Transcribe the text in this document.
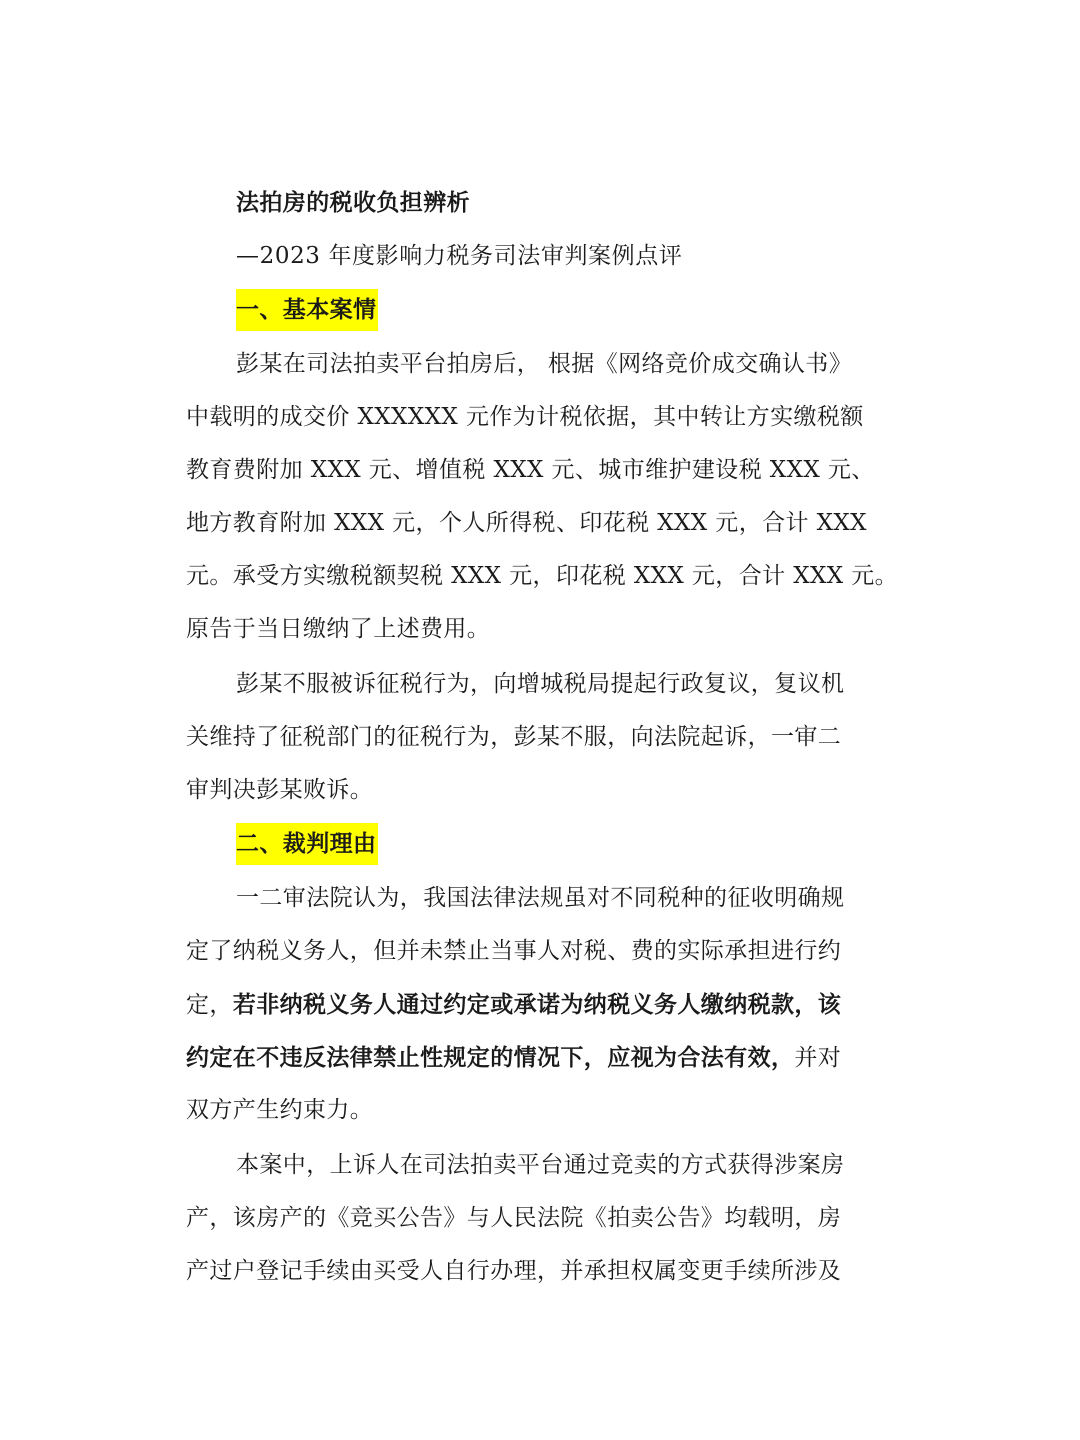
法拍房的税收负担辨析
—2023 年度影响力税务司法审判案例点评
一、基本案情
彭某在司法拍卖平台拍房后， 根据《网络竞价成交确认书》
中载明的成交价 XXXXXX 元作为计税依据，其中转让方实缴税额
教育费附加 XXX 元、增值税 XXX 元、城市维护建设税 XXX 元、
地方教育附加 XXX 元，个人所得税、印花税 XXX 元，合计 XXX
元。承受方实缴税额契税 XXX 元，印花税 XXX 元，合计 XXX 元。
原告于当日缴纳了上述费用。
彭某不服被诉征税行为，向增城税局提起行政复议，复议机
关维持了征税部门的征税行为，彭某不服，向法院起诉，一审二
审判决彭某败诉。
二、裁判理由
一二审法院认为，我国法律法规虽对不同税种的征收明确规
定了纳税义务人，但并未禁止当事人对税、费的实际承担进行约
定，若非纳税义务人通过约定或承诺为纳税义务人缴纳税款，该
约定在不违反法律禁止性规定的情况下，应视为合法有效，并对
双方产生约束力。
本案中，上诉人在司法拍卖平台通过竞卖的方式获得涉案房
产，该房产的《竞买公告》与人民法院《拍卖公告》均载明，房
产过户登记手续由买受人自行办理，并承担权属变更手续所涉及
